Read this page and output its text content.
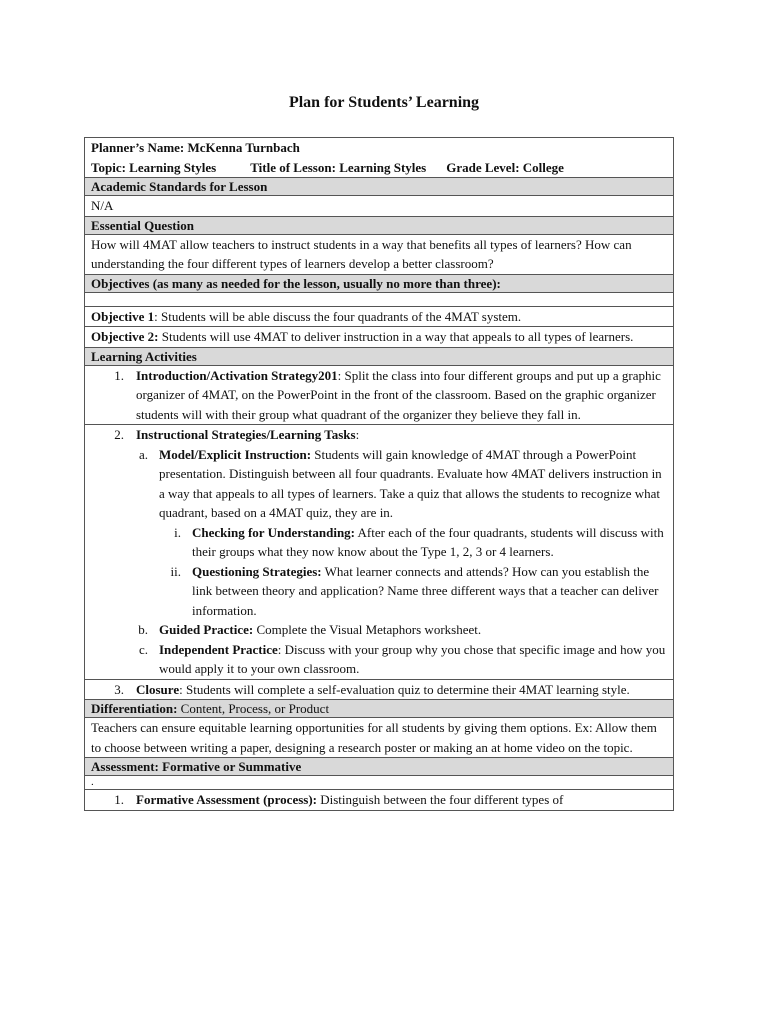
Plan for Students’ Learning
Planner’s Name: McKenna Turnbach
Topic: Learning Styles	Title of Lesson: Learning Styles Grade Level: College
Academic Standards for Lesson
N/A
Essential Question
How will 4MAT allow teachers to instruct students in a way that benefits all types of learners? How can understanding the four different types of learners develop a better classroom?
Objectives (as many as needed for the lesson, usually no more than three):
Objective 1: Students will be able discuss the four quadrants of the 4MAT system.
Objective 2: Students will use 4MAT to deliver instruction in a way that appeals to all types of learners.
Learning Activities
1. Introduction/Activation Strategy201: Split the class into four different groups and put up a graphic organizer of 4MAT, on the PowerPoint in the front of the classroom. Based on the graphic organizer students will with their group what quadrant of the organizer they believe they fall in.
2. Instructional Strategies/Learning Tasks:
a. Model/Explicit Instruction: Students will gain knowledge of 4MAT through a PowerPoint presentation. Distinguish between all four quadrants. Evaluate how 4MAT delivers instruction in a way that appeals to all types of learners. Take a quiz that allows the students to recognize what quadrant, based on a 4MAT quiz, they are in.
i. Checking for Understanding: After each of the four quadrants, students will discuss with their groups what they now know about the Type 1, 2, 3 or 4 learners.
ii. Questioning Strategies: What learner connects and attends? How can you establish the link between theory and application? Name three different ways that a teacher can deliver information.
b. Guided Practice: Complete the Visual Metaphors worksheet.
c. Independent Practice: Discuss with your group why you chose that specific image and how you would apply it to your own classroom.
3. Closure: Students will complete a self-evaluation quiz to determine their 4MAT learning style.
Differentiation: Content, Process, or Product
Teachers can ensure equitable learning opportunities for all students by giving them options. Ex: Allow them to choose between writing a paper, designing a research poster or making an at home video on the topic.
Assessment: Formative or Summative
.
1. Formative Assessment (process): Distinguish between the four different types of
